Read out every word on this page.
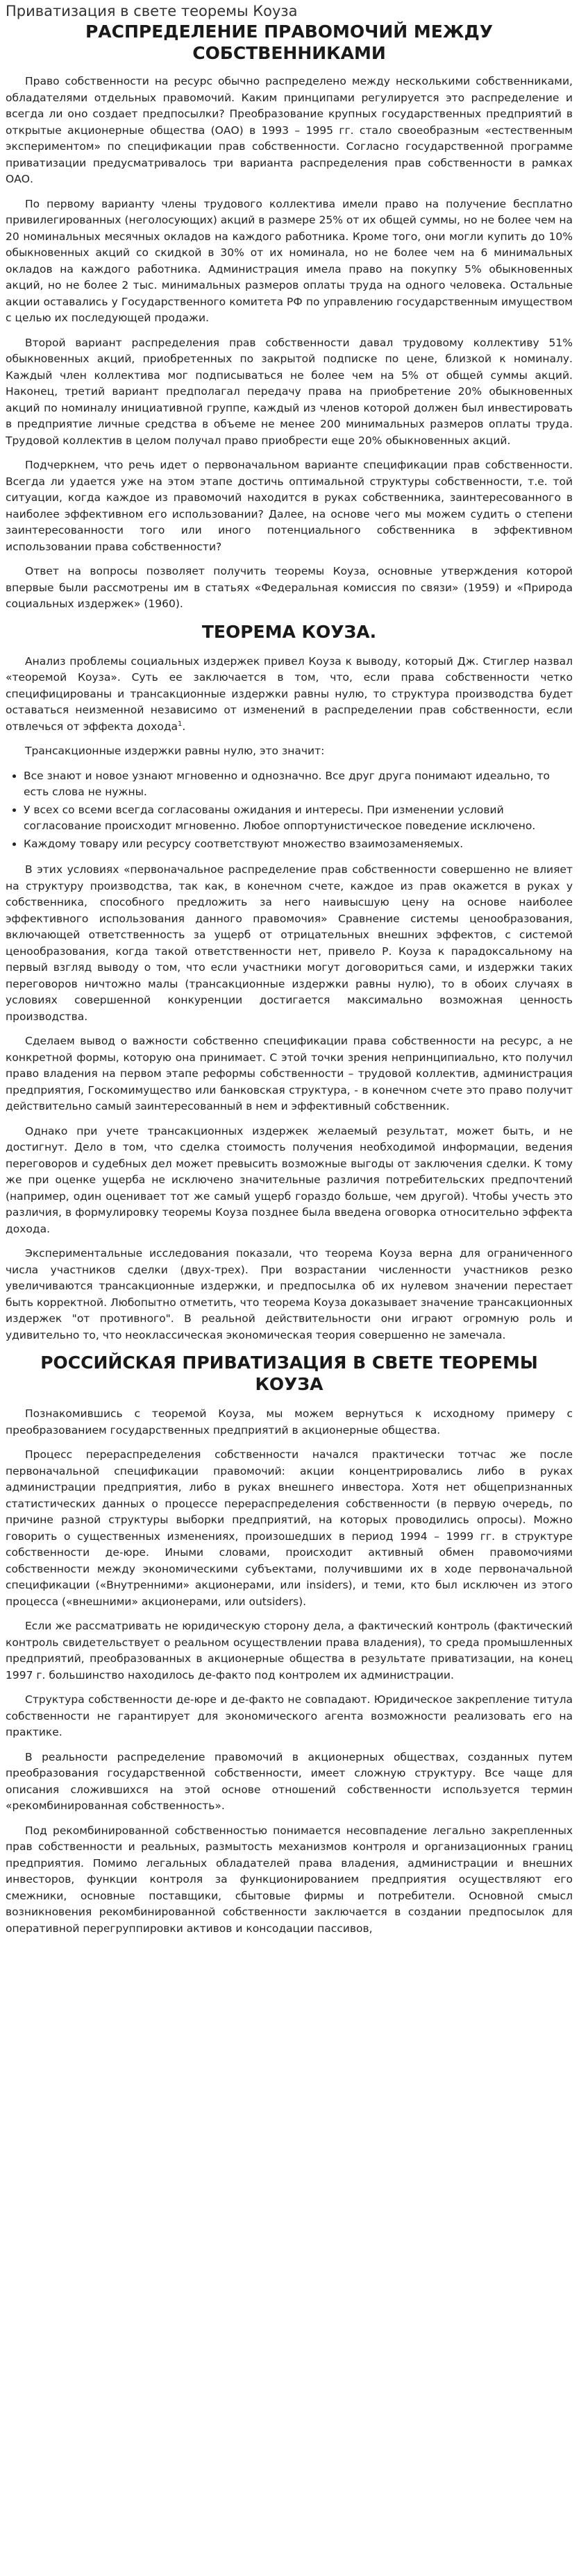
Приватизация в свете теоремы Коуза
РАСПРЕДЕЛЕНИЕ ПРАВОМОЧИЙ МЕЖДУ СОБСТВЕННИКАМИ

Право собственности на ресурс обычно распределено между несколькими собственниками, обладателями отдельных правомочий. Каким принципами регулируется это распределение и всегда ли оно создает предпосылки? Преобразование крупных государственных предприятий в открытые акционерные общества (ОАО) в 1993 – 1995 гг. стало своеобразным «естественным экспериментом» по спецификации прав собственности. Согласно государственной программе приватизации предусматривалось три варианта распределения прав собственности в рамках ОАО.

По первому варианту члены трудового коллектива имели право на получение бесплатно привилегированных (неголосующих) акций в размере 25% от их общей суммы, но не более чем на 20 номинальных месячных окладов на каждого работника. Кроме того, они могли купить до 10% обыкновенных акций со скидкой в 30% от их номинала, но не более чем на 6 минимальных окладов на каждого работника. Администрация имела право на покупку 5% обыкновенных акций, но не более 2 тыс. минимальных размеров оплаты труда на одного человека. Остальные акции оставались у Государственного комитета РФ по управлению государственным имуществом с целью их последующей продажи.

Второй вариант распределения прав собственности давал трудовому коллективу 51% обыкновенных акций, приобретенных по закрытой подписке по цене, близкой к номиналу. Каждый член коллектива мог подписываться не более чем на 5% от общей суммы акций. Наконец, третий вариант предполагал передачу права на приобретение 20% обыкновенных акций по номиналу инициативной группе, каждый из членов которой должен был инвестировать в предприятие личные средства в объеме не менее 200 минимальных размеров оплаты труда. Трудовой коллектив в целом получал право приобрести еще 20% обыкновенных акций.

Подчеркнем, что речь идет о первоначальном варианте спецификации прав собственности. Всегда ли удается уже на этом этапе достичь оптимальной структуры собственности, т.е. той ситуации, когда каждое из правомочий находится в руках собственника, заинтересованного в наиболее эффективном его использовании? Далее, на основе чего мы можем судить о степени заинтересованности того или иного потенциального собственника в эффективном использовании права собственности?

Ответ на вопросы позволяет получить теоремы Коуза, основные утверждения которой впервые были рассмотрены им в статьях «Федеральная комиссия по связи» (1959) и «Природа социальных издержек» (1960).

ТЕОРЕМА КОУЗА.

Анализ проблемы социальных издержек привел Коуза к выводу, который Дж. Стиглер назвал «теоремой Коуза». Суть ее заключается в том, что, если права собственности четко специфицированы и трансакционные издержки равны нулю, то структура производства будет оставаться неизменной независимо от изменений в распределении прав собственности, если отвлечься от эффекта дохода$^1$.

Трансакционные издержки равны нулю, это значит:

• Все знают и новое узнают мгновенно и однозначно. Все друг друга понимают идеально, то есть слова не нужны.
• У всех со всеми всегда согласованы ожидания и интересы. При изменении условий согласование происходит мгновенно. Любое оппортунистическое поведение исключено.
• Каждому товару или ресурсу соответствуют множество взаимозаменяемых.

В этих условиях «первоначальное распределение прав собственности совершенно не влияет на структуру производства, так как, в конечном счете, каждое из прав окажется в руках у собственника, способного предложить за него наивысшую цену на основе наиболее эффективного использования данного правомочия» Сравнение системы ценообразования, включающей ответственность за ущерб от отрицательных внешних эффектов, с системой ценообразования, когда такой ответственности нет, привело Р. Коуза к парадоксальному на первый взгляд выводу о том, что если участники могут договориться сами, и издержки таких переговоров ничтожно малы (трансакционные издержки равны нулю), то в обоих случаях в условиях совершенной конкуренции достигается максимально возможная ценность производства.

Сделаем вывод о важности собственно спецификации права собственности на ресурс, а не конкретной формы, которую она принимает. С этой точки зрения непринципиально, кто получил право владения на первом этапе реформы собственности – трудовой коллектив, администрация предприятия, Госкомимущество или банковская структура, - в конечном счете это право получит действительно самый заинтересованный в нем и эффективный собственник.

Однако при учете трансакционных издержек желаемый результат, может быть, и не достигнут. Дело в том, что сделка стоимость получения необходимой информации, ведения переговоров и судебных дел может превысить возможные выгоды от заключения сделки. К тому же при оценке ущерба не исключено значительные различия потребительских предпочтений (например, один оценивает тот же самый ущерб гораздо больше, чем другой). Чтобы учесть это различия, в формулировку теоремы Коуза позднее была введена оговорка относительно эффекта дохода.

Экспериментальные исследования показали, что теорема Коуза верна для ограниченного числа участников сделки (двух-трех). При возрастании численности участников резко увеличиваются трансакционные издержки, и предпосылка об их нулевом значении перестает быть корректной. Любопытно отметить, что теорема Коуза доказывает значение трансакционных издержек "от противного". В реальной действительности они играют огромную роль и удивительно то, что неоклассическая экономическая теория совершенно не замечала.

РОССИЙСКАЯ ПРИВАТИЗАЦИЯ В СВЕТЕ ТЕОРЕМЫ КОУЗА

Познакомившись с теоремой Коуза, мы можем вернуться к исходному примеру с преобразованием государственных предприятий в акционерные общества.

Процесс перераспределения собственности начался практически тотчас же после первоначальной спецификации правомочий: акции концентрировались либо в руках администрации предприятия, либо в руках внешнего инвестора. Хотя нет общепризнанных статистических данных о процессе перераспределения собственности (в первую очередь, по причине разной структуры выборки предприятий, на которых проводились опросы). Можно говорить о существенных изменениях, произошедших в период 1994 – 1999 гг. в структуре собственности де-юре. Иными словами, происходит активный обмен правомочиями собственности между экономическими субъектами, получившими их в ходе первоначальной спецификации («Внутренними» акционерами, или insiders), и теми, кто был исключен из этого процесса («внешними» акционерами, или outsiders).

Если же рассматривать не юридическую сторону дела, а фактический контроль (фактический контроль свидетельствует о реальном осуществлении права владения), то среда промышленных предприятий, преобразованных в акционерные общества в результате приватизации, на конец 1997 г. большинство находилось де-факто под контролем их администрации.

Структура собственности де-юре и де-факто не совпадают. Юридическое закрепление титула собственности не гарантирует для экономического агента возможности реализовать его на практике.

В реальности распределение правомочий в акционерных обществах, созданных путем преобразования государственной собственности, имеет сложную структуру. Все чаще для описания сложившихся на этой основе отношений собственности используется термин «рекомбинированная собственность».

Под рекомбинированной собственностью понимается несовпадение легально закрепленных прав собственности и реальных, размытость механизмов контроля и организационных границ предприятия. Помимо легальных обладателей права владения, администрации и внешних инвесторов, функции контроля за функционированием предприятия осуществляют его смежники, основные поставщики, сбытовые фирмы и потребители. Основной смысл возникновения рекомбинированной собственности заключается в создании предпосылок для оперативной перегруппировки активов и консодации пассивов,
